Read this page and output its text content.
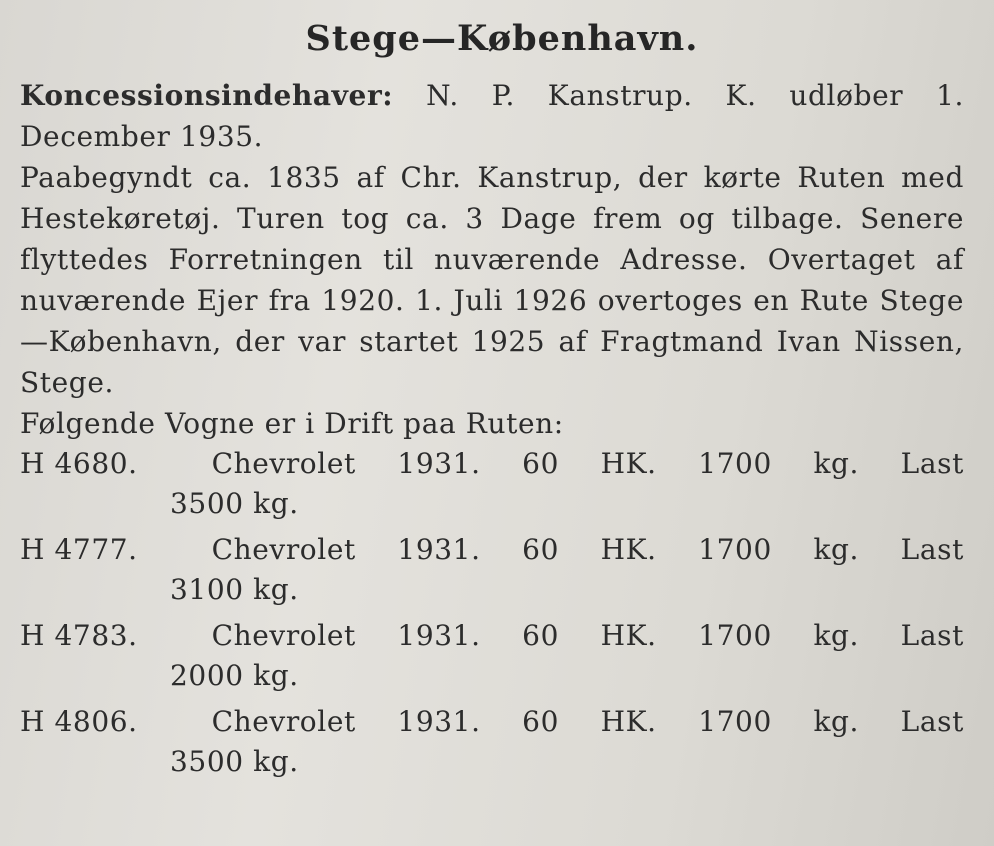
Stege—København.

Koncessionsindehaver: N. P. Kanstrup. K. udløber 1. December 1935.

Paabegyndt ca. 1835 af Chr. Kanstrup, der kørte Ruten med Hestekøretøj. Turen tog ca. 3 Dage frem og tilbage. Senere flyttedes Forretningen til nuværende Adresse. Overtaget af nuværende Ejer fra 1920. 1. Juli 1926 overtoges en Rute Stege—København, der var startet 1925 af Fragtmand Ivan Nissen, Stege.

Følgende Vogne er i Drift paa Ruten:

H 4680.	Chevrolet 1931. 60 HK. 1700 kg. Last
3500 kg.
H 4777.	Chevrolet 1931. 60 HK. 1700 kg. Last
3100 kg.
H 4783.	Chevrolet 1931. 60 HK. 1700 kg. Last
2000 kg.
H 4806.	Chevrolet 1931. 60 HK. 1700 kg. Last
3500 kg.
